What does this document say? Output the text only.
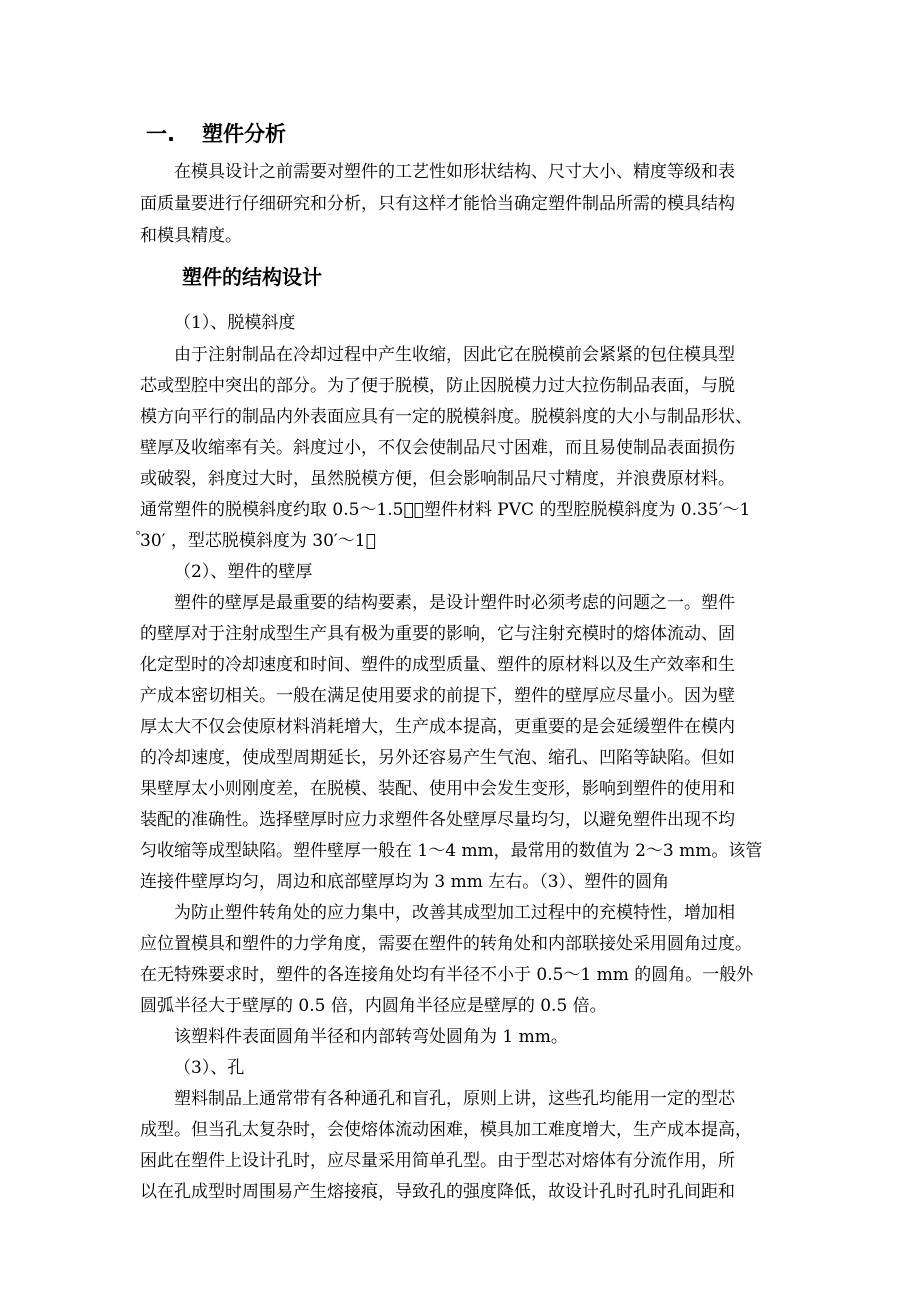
一. 塑件分析

在模具设计之前需要对塑件的工艺性如形状结构、尺寸大小、精度等级和表

面质量要进行仔细研究和分析，只有这样才能恰当确定塑件制品所需的模具结构

和模具精度。

塑件的结构设计

（1）、脱模斜度

由于注射制品在冷却过程中产生收缩，因此它在脱模前会紧紧的包住模具型

芯或型腔中突出的部分。为了便于脱模，防止因脱模力过大拉伤制品表面，与脱

模方向平行的制品内外表面应具有一定的脱模斜度。脱模斜度的大小与制品形状、

壁厚及收缩率有关。斜度过小，不仅会使制品尺寸困难，而且易使制品表面损伤

或破裂，斜度过大时，虽然脱模方便，但会影响制品尺寸精度，并浪费原材料。

通常塑件的脱模斜度约取 0.5～1.5゚，塑件材料 PVC 的型腔脱模斜度为 0.35′～1

゚30′ ，型芯脱模斜度为 30′～1゚

（2）、塑件的壁厚

塑件的壁厚是最重要的结构要素，是设计塑件时必须考虑的问题之一。塑件

的壁厚对于注射成型生产具有极为重要的影响，它与注射充模时的熔体流动、固

化定型时的冷却速度和时间、塑件的成型质量、塑件的原材料以及生产效率和生

产成本密切相关。一般在满足使用要求的前提下，塑件的壁厚应尽量小。因为壁

厚太大不仅会使原材料消耗增大，生产成本提高，更重要的是会延缓塑件在模内

的冷却速度，使成型周期延长，另外还容易产生气泡、缩孔、凹陷等缺陷。但如

果壁厚太小则刚度差，在脱模、装配、使用中会发生变形，影响到塑件的使用和

装配的准确性。选择壁厚时应力求塑件各处壁厚尽量均匀，以避免塑件出现不均

匀收缩等成型缺陷。塑件壁厚一般在 1～4 mm，最常用的数值为 2～3 mm。该管

连接件壁厚均匀，周边和底部壁厚均为 3 mm 左右。（3）、塑件的圆角

为防止塑件转角处的应力集中，改善其成型加工过程中的充模特性，增加相

应位置模具和塑件的力学角度，需要在塑件的转角处和内部联接处采用圆角过度。

在无特殊要求时，塑件的各连接角处均有半径不小于 0.5～1 mm 的圆角。一般外

圆弧半径大于壁厚的 0.5 倍，内圆角半径应是壁厚的 0.5 倍。

该塑料件表面圆角半径和内部转弯处圆角为 1 mm。

（3）、孔

塑料制品上通常带有各种通孔和盲孔，原则上讲，这些孔均能用一定的型芯

成型。但当孔太复杂时，会使熔体流动困难，模具加工难度增大，生产成本提高，

困此在塑件上设计孔时，应尽量采用简单孔型。由于型芯对熔体有分流作用，所

以在孔成型时周围易产生熔接痕，导致孔的强度降低，故设计孔时孔时孔间距和
